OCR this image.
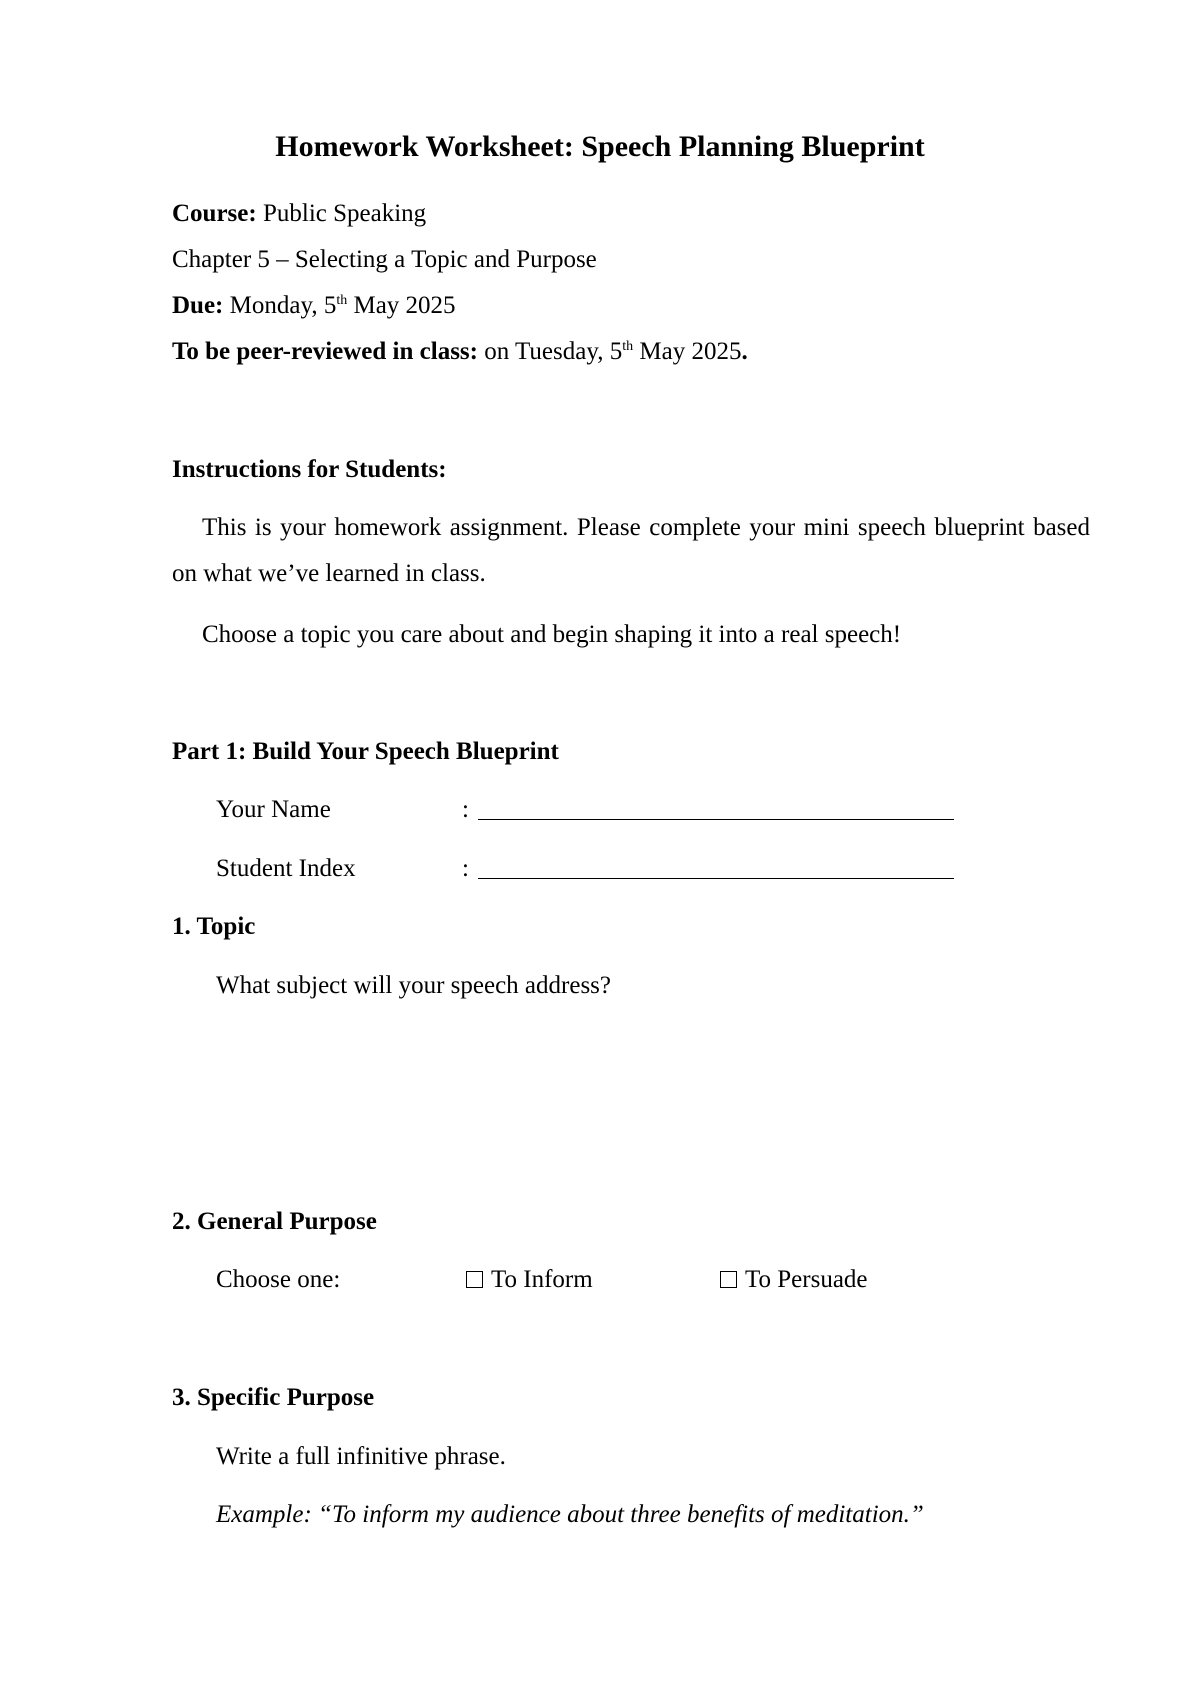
Homework Worksheet: Speech Planning Blueprint
Course: Public Speaking
Chapter 5 – Selecting a Topic and Purpose
Due: Monday, 5th May 2025
To be peer-reviewed in class: on Tuesday, 5th May 2025.
Instructions for Students:
This is your homework assignment. Please complete your mini speech blueprint based on what we’ve learned in class.
Choose a topic you care about and begin shaping it into a real speech!
Part 1: Build Your Speech Blueprint
Your Name	:
Student Index	:
1. Topic
What subject will your speech address?
2. General Purpose
Choose one:	To Inform	To Persuade
3. Specific Purpose
Write a full infinitive phrase.
Example: “To inform my audience about three benefits of meditation.”
